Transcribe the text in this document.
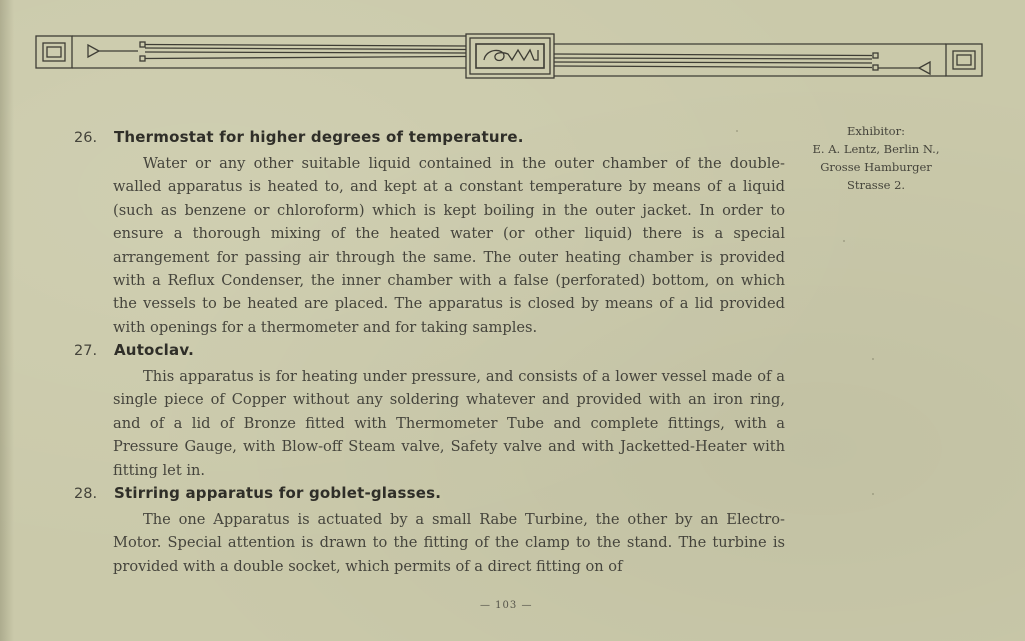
Exhibitor:
E. A. Lentz, Berlin N.,
Grosse Hamburger
Strasse 2.
26.	Thermostat for higher degrees of temperature.
Water or any other suitable liquid contained in the outer chamber of the double-walled apparatus is heated to, and kept at a constant temperature by means of a liquid (such as benzene or chloroform) which is kept boiling in the outer jacket. In order to ensure a thorough mixing of the heated water (or other liquid) there is a special arrangement for passing air through the same. The outer heating chamber is provided with a Reflux Condenser, the inner chamber with a false (perforated) bottom, on which the vessels to be heated are placed. The apparatus is closed by means of a lid provided with openings for a thermometer and for taking samples.
27.	Autoclav.
This apparatus is for heating under pressure, and consists of a lower vessel made of a single piece of Copper without any soldering whatever and provided with an iron ring, and of a lid of Bronze fitted with Thermometer Tube and complete fittings, with a Pressure Gauge, with Blow-off Steam valve, Safety valve and with Jacketted-Heater with fitting let in.
28.	Stirring apparatus for goblet-glasses.
The one Apparatus is actuated by a small Rabe Turbine, the other by an Electro-Motor. Special attention is drawn to the fitting of the clamp to the stand. The turbine is provided with a double socket, which permits of a direct fitting on of
— 103 —
